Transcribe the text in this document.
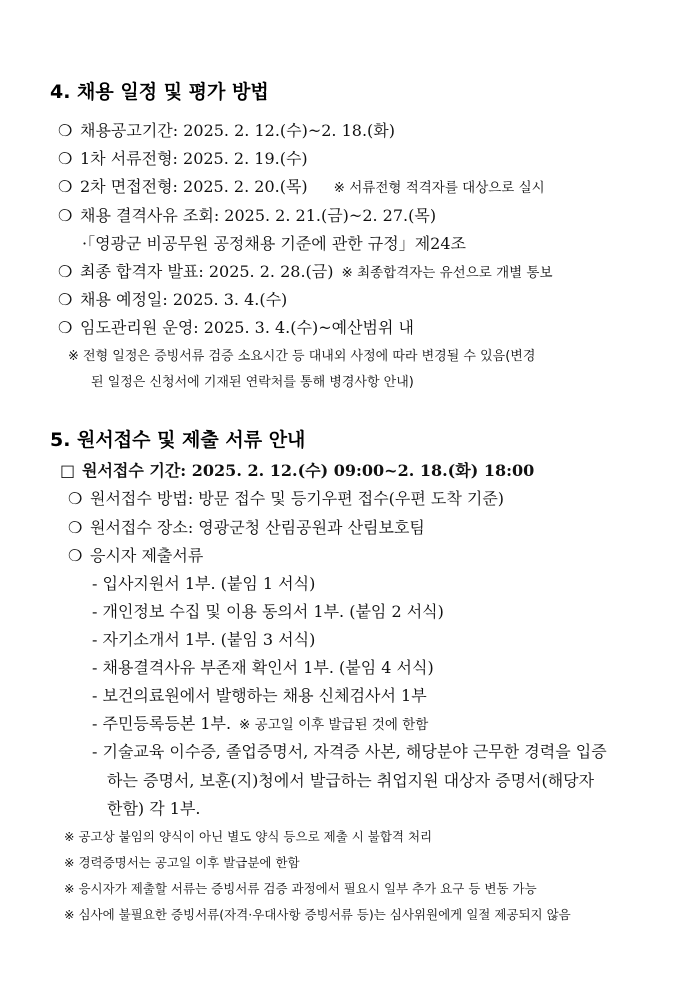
4. 채용 일정 및 평가 방법
❍ 채용공고기간: 2025. 2. 12.(수)~2. 18.(화)
❍ 1차 서류전형: 2025. 2. 19.(수)
❍ 2차 면접전형: 2025. 2. 20.(목) ※ 서류전형 적격자를 대상으로 실시
❍ 채용 결격사유 조회: 2025. 2. 21.(금)~2. 27.(목)
·「영광군 비공무원 공정채용 기준에 관한 규정」제24조
❍ 최종 합격자 발표: 2025. 2. 28.(금) ※ 최종합격자는 유선으로 개별 통보
❍ 채용 예정일: 2025. 3. 4.(수)
❍ 임도관리원 운영: 2025. 3. 4.(수)~예산범위 내
※ 전형 일정은 증빙서류 검증 소요시간 등 대내외 사정에 따라 변경될 수 있음(변경
된 일정은 신청서에 기재된 연락처를 통해 병경사항 안내)
5. 원서접수 및 제출 서류 안내
□ 원서접수 기간: 2025. 2. 12.(수) 09:00~2. 18.(화) 18:00
❍ 원서접수 방법: 방문 접수 및 등기우편 접수(우편 도착 기준)
❍ 원서접수 장소: 영광군청 산림공원과 산림보호팀
❍ 응시자 제출서류
- 입사지원서 1부. (붙임 1 서식)
- 개인정보 수집 및 이용 동의서 1부. (붙임 2 서식)
- 자기소개서 1부. (붙임 3 서식)
- 채용결격사유 부존재 확인서 1부. (붙임 4 서식)
- 보건의료원에서 발행하는 채용 신체검사서 1부
- 주민등록등본 1부. ※ 공고일 이후 발급된 것에 한함
- 기술교육 이수증, 졸업증명서, 자격증 사본, 해당분야 근무한 경력을 입증
하는 증명서, 보훈(지)청에서 발급하는 취업지원 대상자 증명서(해당자
한함) 각 1부.
※ 공고상 붙임의 양식이 아닌 별도 양식 등으로 제출 시 불합격 처리
※ 경력증명서는 공고일 이후 발급분에 한함
※ 응시자가 제출할 서류는 증빙서류 검증 과정에서 필요시 일부 추가 요구 등 변동 가능
※ 심사에 불필요한 증빙서류(자격·우대사항 증빙서류 등)는 심사위원에게 일절 제공되지 않음
